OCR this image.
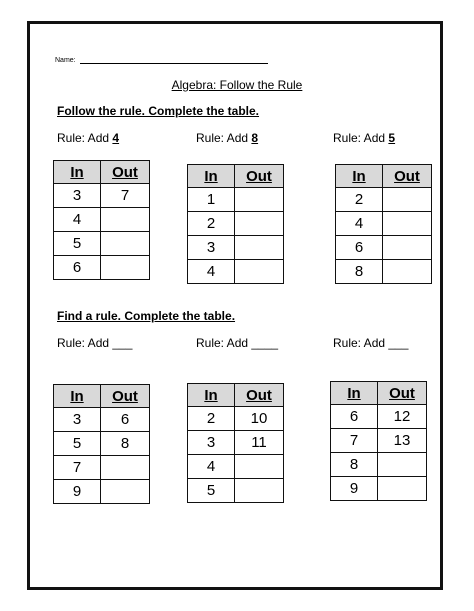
Name:
Algebra: Follow the Rule
Follow the rule. Complete the table.
Rule: Add 4	Rule: Add 8	Rule: Add 5
In	Out
3	7
4	
5	
6	
In	Out
1	
2	
3	
4	
In	Out
2	
4	
6	
8	
Find a rule. Complete the table.
Rule: Add ___	Rule: Add ____	Rule: Add ___
In	Out
3	6
5	8
7	
9	
In	Out
2	10
3	11
4	
5	
In	Out
6	12
7	13
8	
9	
